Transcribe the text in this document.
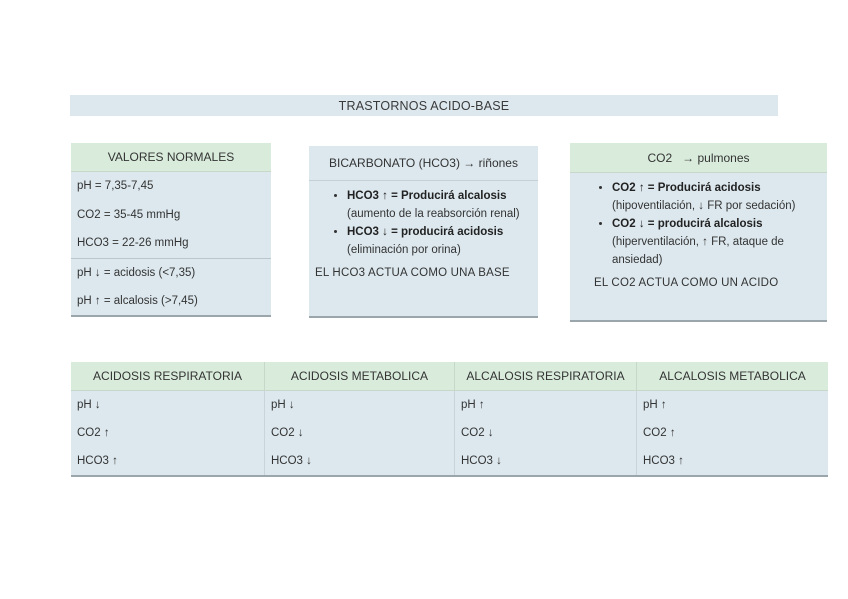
TRASTORNOS ACIDO-BASE
VALORES NORMALES
pH = 7,35-7,45
CO2 = 35-45 mmHg
HCO3 = 22-26 mmHg
pH ↓ = acidosis (<7,35)
pH ↑ = alcalosis (>7,45)
BICARBONATO (HCO3) → riñones
• HCO3 ↑ = Producirá alcalosis
(aumento de la reabsorción renal)
• HCO3 ↓ = producirá acidosis
(eliminación por orina)
EL HCO3 ACTUA COMO UNA BASE
CO2   → pulmones
• CO2 ↑ = Producirá acidosis
(hipoventilación, ↓ FR por sedación)
• CO2 ↓ = producirá alcalosis
(hiperventilación, ↑ FR, ataque de ansiedad)
EL CO2 ACTUA COMO UN ACIDO
ACIDOSIS RESPIRATORIA	ACIDOSIS METABOLICA	ALCALOSIS RESPIRATORIA	ALCALOSIS METABOLICA
pH ↓	pH ↓	pH ↑	pH ↑
CO2 ↑	CO2 ↓	CO2 ↓	CO2 ↑
HCO3 ↑	HCO3 ↓	HCO3 ↓	HCO3 ↑
